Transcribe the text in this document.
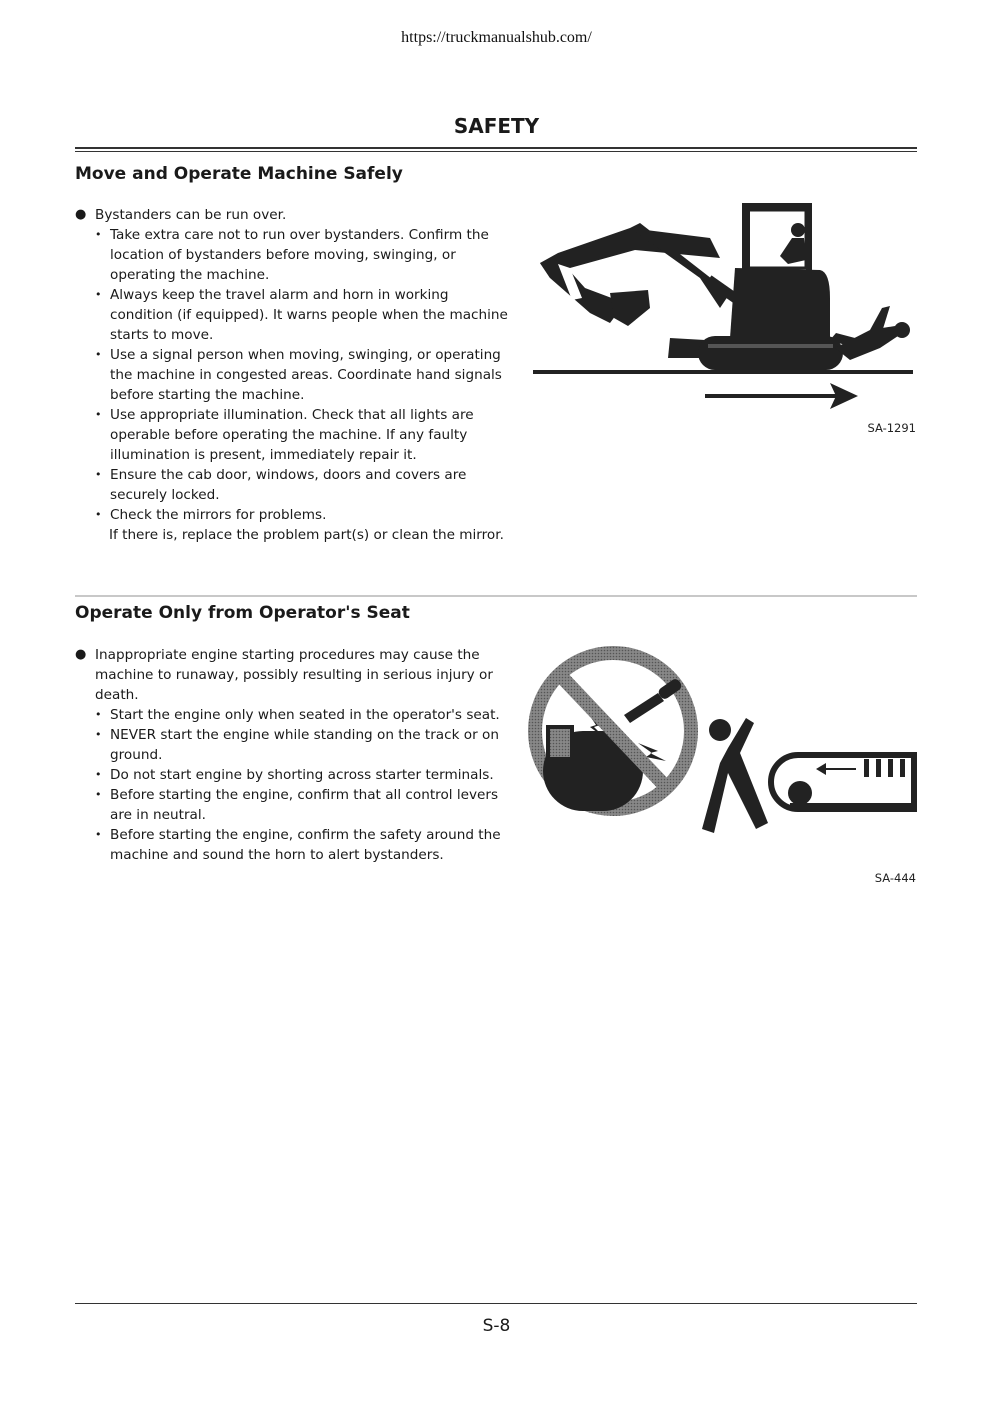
https://truckmanualshub.com/
SAFETY
Move and Operate Machine Safely
● Bystanders can be run over.
• Take extra care not to run over bystanders. Confirm the location of bystanders before moving, swinging, or operating the machine.
• Always keep the travel alarm and horn in working condition (if equipped). It warns people when the machine starts to move.
• Use a signal person when moving, swinging, or operating the machine in congested areas. Coordinate hand signals before starting the machine.
• Use appropriate illumination. Check that all lights are operable before operating the machine. If any faulty illumination is present, immediately repair it.
• Ensure the cab door, windows, doors and covers are securely locked.
• Check the mirrors for problems.
If there is, replace the problem part(s) or clean the mirror.
SA-1291
Operate Only from Operator's Seat
● Inappropriate engine starting procedures may cause the machine to runaway, possibly resulting in serious injury or death.
• Start the engine only when seated in the operator's seat.
• NEVER start the engine while standing on the track or on ground.
• Do not start engine by shorting across starter terminals.
• Before starting the engine, confirm that all control levers are in neutral.
• Before starting the engine, confirm the safety around the machine and sound the horn to alert bystanders.
SA-444
S-8
